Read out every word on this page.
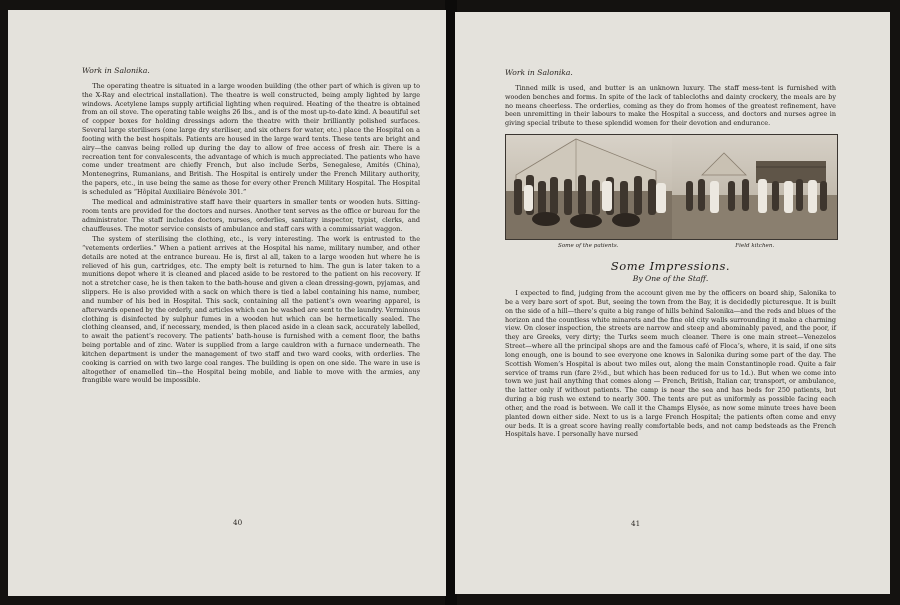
Work in Salonika.

The operating theatre is situated in a large wooden building (the other part of which is given up to the X-Ray and electrical installation). The theatre is well constructed, being amply lighted by large windows. Acetylene lamps supply artificial lighting when required. Heating of the theatre is obtained from an oil stove. The operating table weighs 26 lbs., and is of the most up-to-date kind. A beautiful set of copper boxes for holding dressings adorn the theatre with their brilliantly polished surfaces. Several large sterilisers (one large dry steriliser, and six others for water, etc.) place the Hospital on a footing with the best hospitals. Patients are housed in the large ward tents. These tents are bright and airy—the canvas being rolled up during the day to allow of free access of fresh air. There is a recreation tent for convalescents, the advantage of which is much appreciated. The patients who have come under treatment are chiefly French, but also include Serbs, Senegalese, Amités (China), Montenegrins, Rumanians, and British. The Hospital is entirely under the French Military authority, the papers, etc., in use being the same as those for every other French Military Hospital. The Hospital is scheduled as “Hôpital Auxiliaire Bénévole 301.”

The medical and administrative staff have their quarters in smaller tents or wooden huts. Sitting-room tents are provided for the doctors and nurses. Another tent serves as the office or bureau for the administrator. The staff includes doctors, nurses, orderlies, sanitary inspector, typist, clerks, and chauffeuses. The motor service consists of ambulance and staff cars with a commissariat waggon.

The system of sterilising the clothing, etc., is very interesting. The work is entrusted to the “vetements orderlies.” When a patient arrives at the Hospital his name, military number, and other details are noted at the entrance bureau. He is, first al all, taken to a large wooden hut where he is relieved of his gun, cartridges, etc. The empty belt is returned to him. The gun is later taken to a munitions depot where it is cleaned and placed aside to be restored to the patient on his recovery. If not a stretcher case, he is then taken to the bath-house and given a clean dressing-gown, pyjamas, and slippers. He is also provided with a sack on which there is tied a label containing his name, number, and number of his bed in Hospital. This sack, containing all the patient’s own wearing apparel, is afterwards opened by the orderly, and articles which can be washed are sent to the laundry. Verminous clothing is disinfected by sulphur fumes in a wooden hut which can be hermetically sealed. The clothing cleansed, and, if necessary, mended, is then placed aside in a clean sack, accurately labelled, to await the patient’s recovery. The patients’ bath-house is furnished with a cement floor, the baths being portable and of zinc. Water is supplied from a large cauldron with a furnace underneath. The kitchen department is under the management of two staff and two ward cooks, with orderlies. The cooking is carried on with two large coal ranges. The building is open on one side. The ware in use is altogether of enamelled tin—the Hospital being mobile, and liable to move with the armies, any frangible ware would be impossible.

40
Work in Salonika.

Tinned milk is used, and butter is an unknown luxury. The staff mess-tent is furnished with wooden benches and forms. In spite of the lack of tablecloths and dainty crockery, the meals are by no means cheerless. The orderlies, coming as they do from homes of the greatest refinement, have been unremitting in their labours to make the Hospital a success, and doctors and nurses agree in giving special tribute to these splendid women for their devotion and endurance.

Some of the patients.	Field kitchen.
Some Impressions.
By One of the Staff.

I expected to find, judging from the account given me by the officers on board ship, Salonika to be a very bare sort of spot. But, seeing the town from the Bay, it is decidedly picturesque. It is built on the side of a hill—there’s quite a big range of hills behind Salonika—and the reds and blues of the horizon and the countless white minarets and the fine old city walls surrounding it make a charming view. On closer inspection, the streets are narrow and steep and abominably paved, and the poor, if they are Greeks, very dirty; the Turks seem much cleaner. There is one main street—Venezelos Street—where all the principal shops are and the famous café of Floca’s, where, it is said, if one sits long enough, one is bound to see everyone one knows in Salonika during some part of the day. The Scottish Women’s Hospital is about two miles out, along the main Constantinople road. Quite a fair service of trams run (fare 2½d., but which has been reduced for us to 1d.). But when we come into town we just hail anything that comes along — French, British, Italian car, transport, or ambulance, the latter only if without patients. The camp is near the sea and has beds for 250 patients, but during a big rush we extend to nearly 300. The tents are put as uniformly as possible facing each other, and the road is between. We call it the Champs Elysée, as now some minute trees have been planted down either side. Next to us is a large French Hospital; the patients often come and envy our beds. It is a great score having really comfortable beds, and not camp bedsteads as the French Hospitals have. I personally have nursed

41
